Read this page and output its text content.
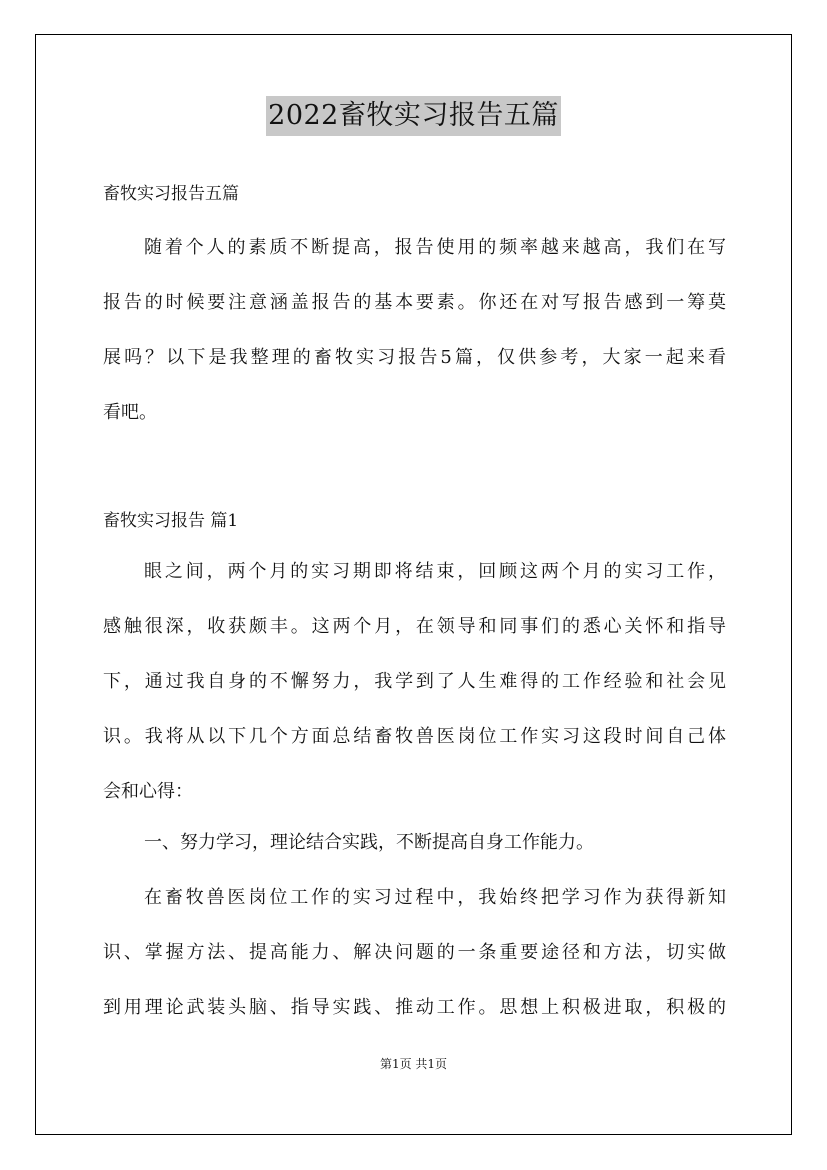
2022畜牧实习报告五篇
畜牧实习报告五篇
随着个人的素质不断提高，报告使用的频率越来越高，我们在写
报告的时候要注意涵盖报告的基本要素。你还在对写报告感到一筹莫
展吗？以下是我整理的畜牧实习报告5篇，仅供参考，大家一起来看
看吧。
畜牧实习报告 篇1
眼之间，两个月的实习期即将结束，回顾这两个月的实习工作，
感触很深，收获颇丰。这两个月，在领导和同事们的悉心关怀和指导
下，通过我自身的不懈努力，我学到了人生难得的工作经验和社会见
识。我将从以下几个方面总结畜牧兽医岗位工作实习这段时间自己体
会和心得：
一、努力学习，理论结合实践，不断提高自身工作能力。
在畜牧兽医岗位工作的实习过程中，我始终把学习作为获得新知
识、掌握方法、提高能力、解决问题的一条重要途径和方法，切实做
到用理论武装头脑、指导实践、推动工作。思想上积极进取，积极的
第1页 共1页
